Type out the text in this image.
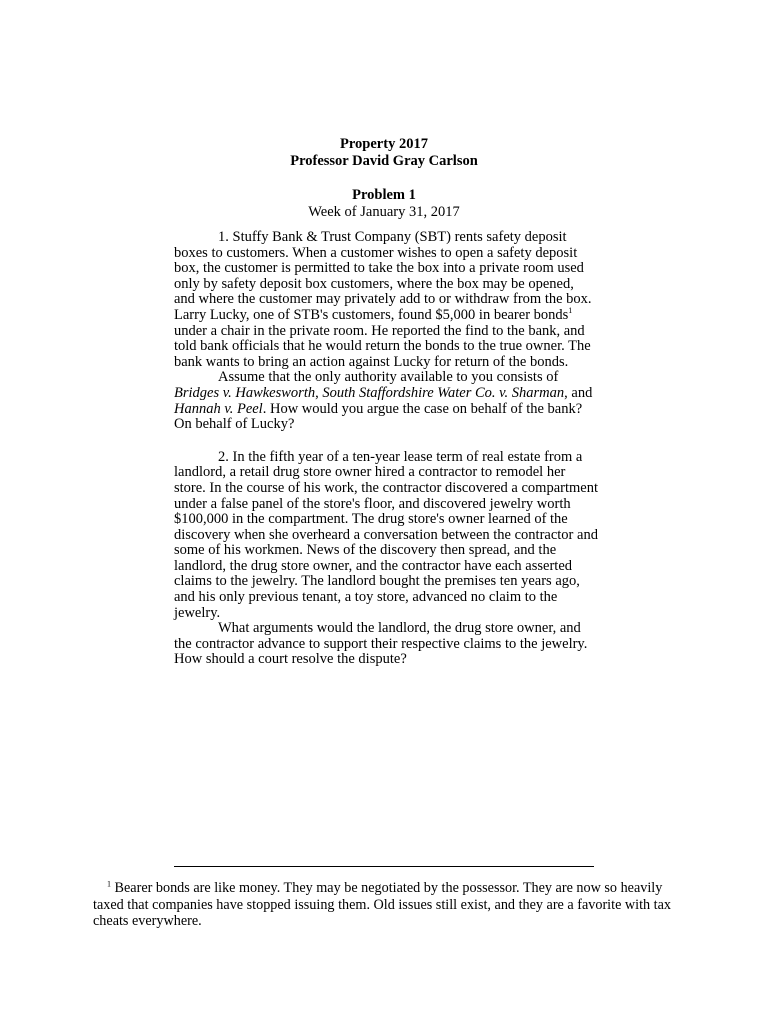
Property 2017
Professor David Gray Carlson
Problem 1
Week of January 31, 2017

1. Stuffy Bank & Trust Company (SBT) rents safety deposit boxes to customers. When a customer wishes to open a safety deposit box, the customer is permitted to take the box into a private room used only by safety deposit box customers, where the box may be opened, and where the customer may privately add to or withdraw from the box. Larry Lucky, one of STB's customers, found $5,000 in bearer bonds$^1$ under a chair in the private room. He reported the find to the bank, and told bank officials that he would return the bonds to the true owner. The bank wants to bring an action against Lucky for return of the bonds.

Assume that the only authority available to you consists of Bridges v. Hawkesworth, South Staffordshire Water Co. v. Sharman, and Hannah v. Peel. How would you argue the case on behalf of the bank? On behalf of Lucky?

2. In the fifth year of a ten-year lease term of real estate from a landlord, a retail drug store owner hired a contractor to remodel her store. In the course of his work, the contractor discovered a compartment under a false panel of the store's floor, and discovered jewelry worth $100,000 in the compartment. The drug store's owner learned of the discovery when she overheard a conversation between the contractor and some of his workmen. News of the discovery then spread, and the landlord, the drug store owner, and the contractor have each asserted claims to the jewelry. The landlord bought the premises ten years ago, and his only previous tenant, a toy store, advanced no claim to the jewelry.

What arguments would the landlord, the drug store owner, and the contractor advance to support their respective claims to the jewelry. How should a court resolve the dispute?

$^1$ Bearer bonds are like money. They may be negotiated by the possessor. They are now so heavily taxed that companies have stopped issuing them. Old issues still exist, and they are a favorite with tax cheats everywhere.
